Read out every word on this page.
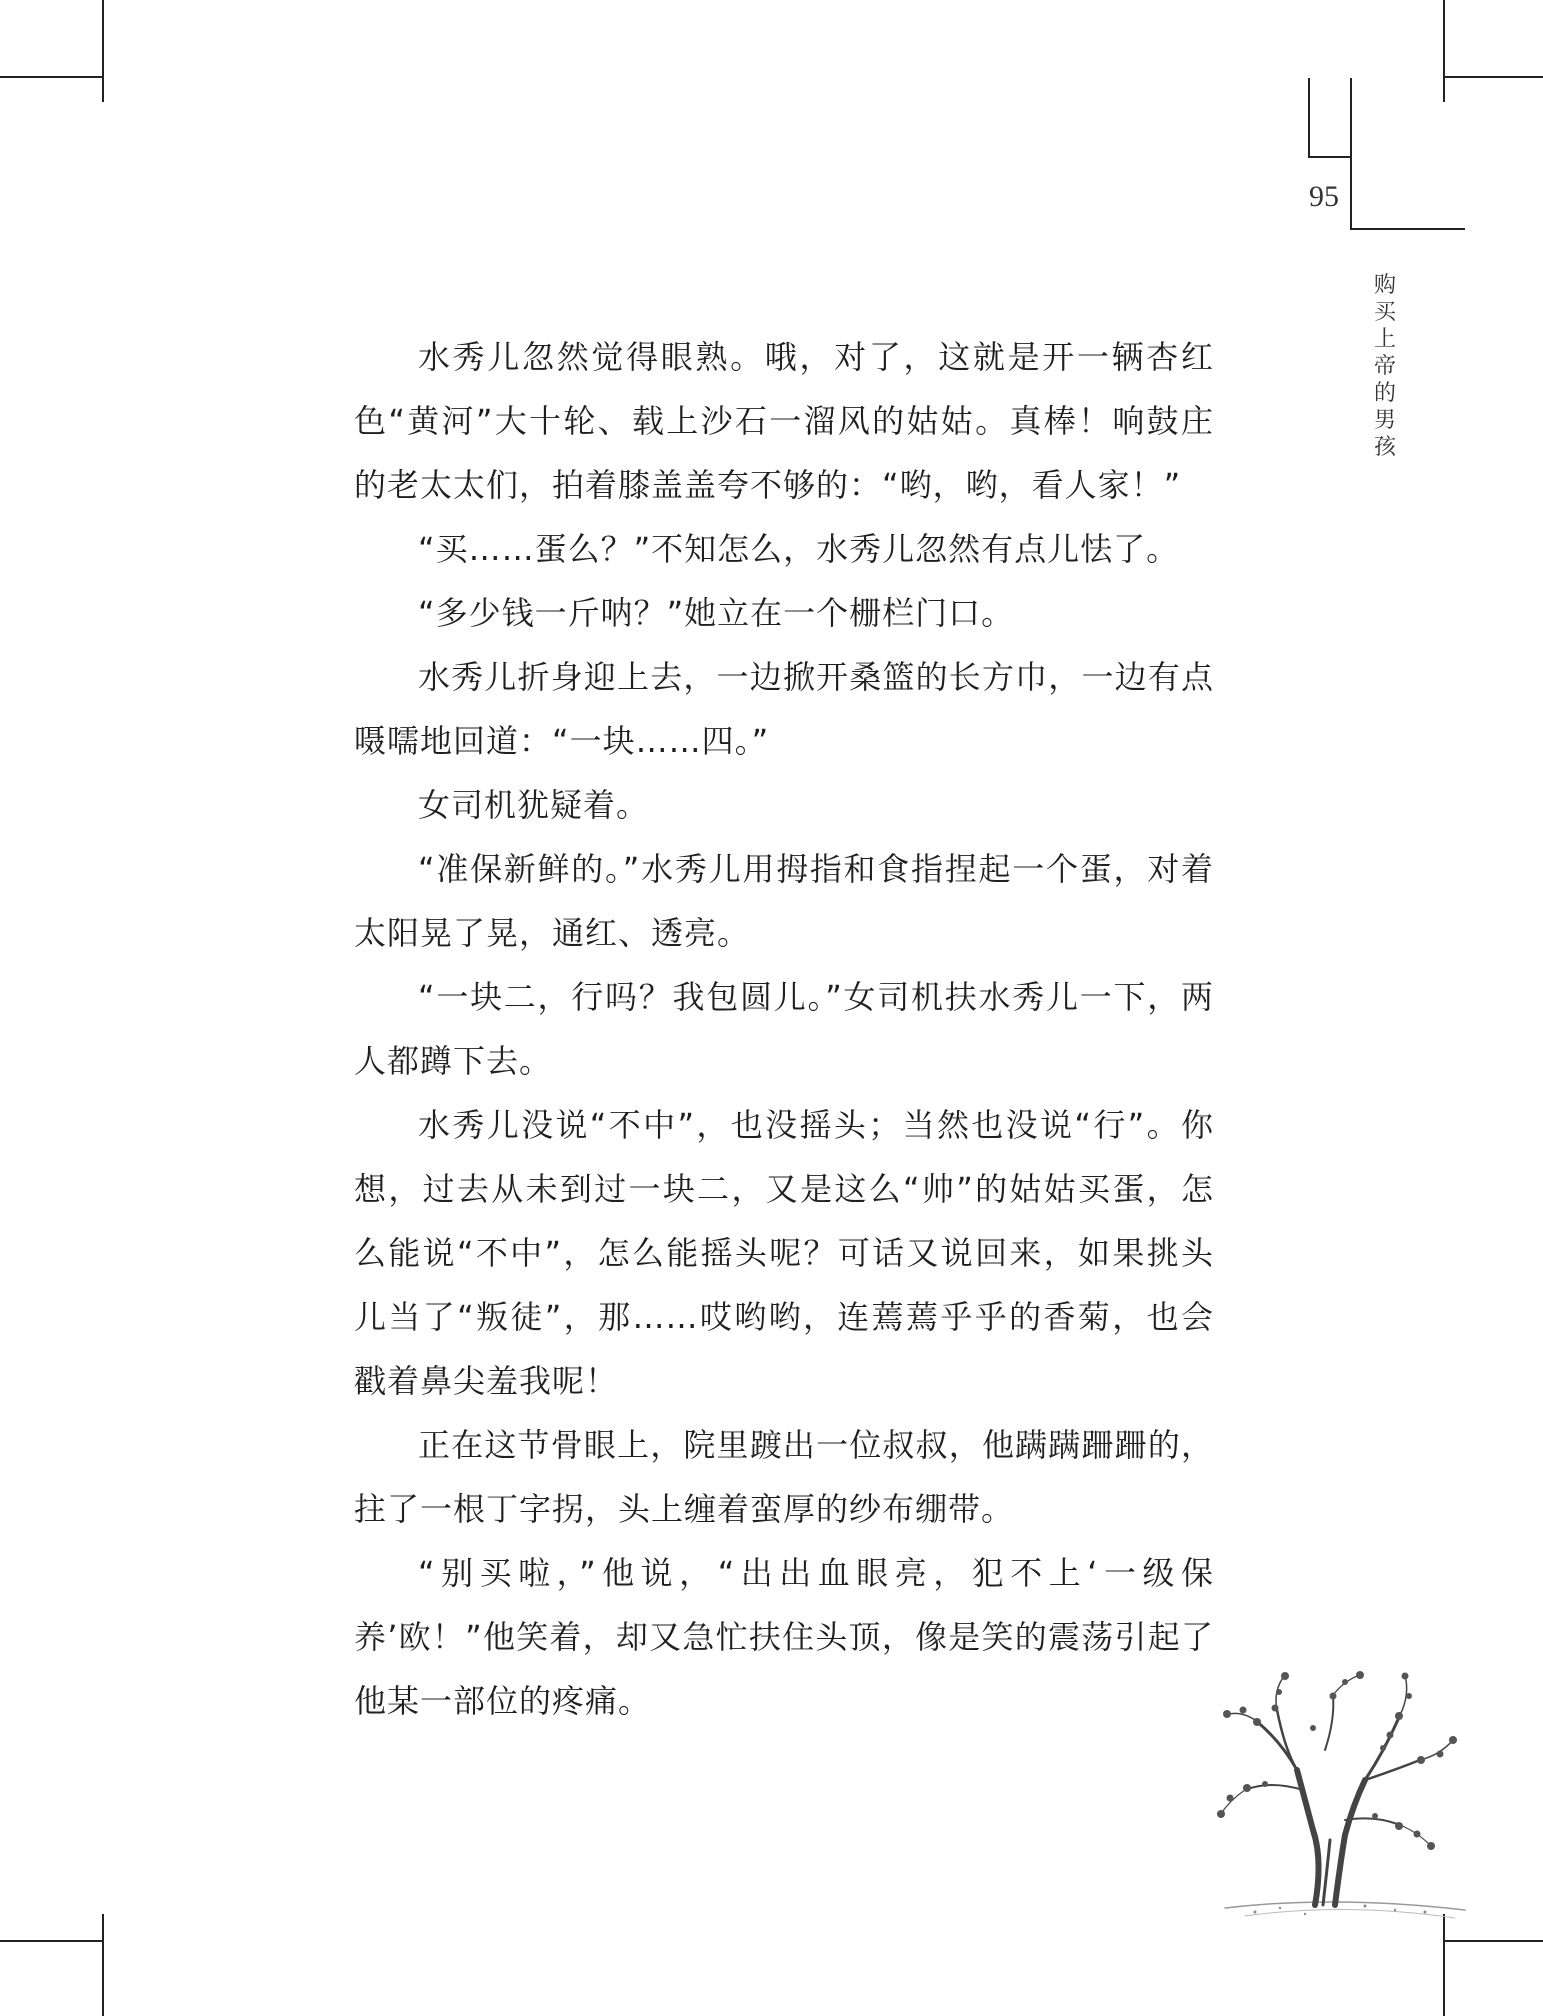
95
购
买
上
帝
的
男
孩

水秀儿忽然觉得眼熟。哦，对了，这就是开一辆杏红色“黄河”大十轮、载上沙石一溜风的姑姑。真棒！响鼓庄的老太太们，拍着膝盖盖夸不够的：“哟，哟，看人家！”

“买……蛋么？”不知怎么，水秀儿忽然有点儿怯了。

“多少钱一斤呐？”她立在一个栅栏门口。

水秀儿折身迎上去，一边掀开桑篮的长方巾，一边有点嗫嚅地回道：“一块……四。”

女司机犹疑着。

“准保新鲜的。”水秀儿用拇指和食指捏起一个蛋，对着太阳晃了晃，通红、透亮。

“一块二，行吗？我包圆儿。”女司机扶水秀儿一下，两人都蹲下去。

水秀儿没说“不中”，也没摇头；当然也没说“行”。你想，过去从未到过一块二，又是这么“帅”的姑姑买蛋，怎么能说“不中”，怎么能摇头呢？可话又说回来，如果挑头儿当了“叛徒”，那……哎哟哟，连蔫蔫乎乎的香菊，也会戳着鼻尖羞我呢！

正在这节骨眼上，院里踱出一位叔叔，他蹒蹒跚跚的，拄了一根丁字拐，头上缠着蛮厚的纱布绷带。

“别买啦，”他说，“出出血眼亮，犯不上‘一级保养’欧！”他笑着，却又急忙扶住头顶，像是笑的震荡引起了他某一部位的疼痛。
